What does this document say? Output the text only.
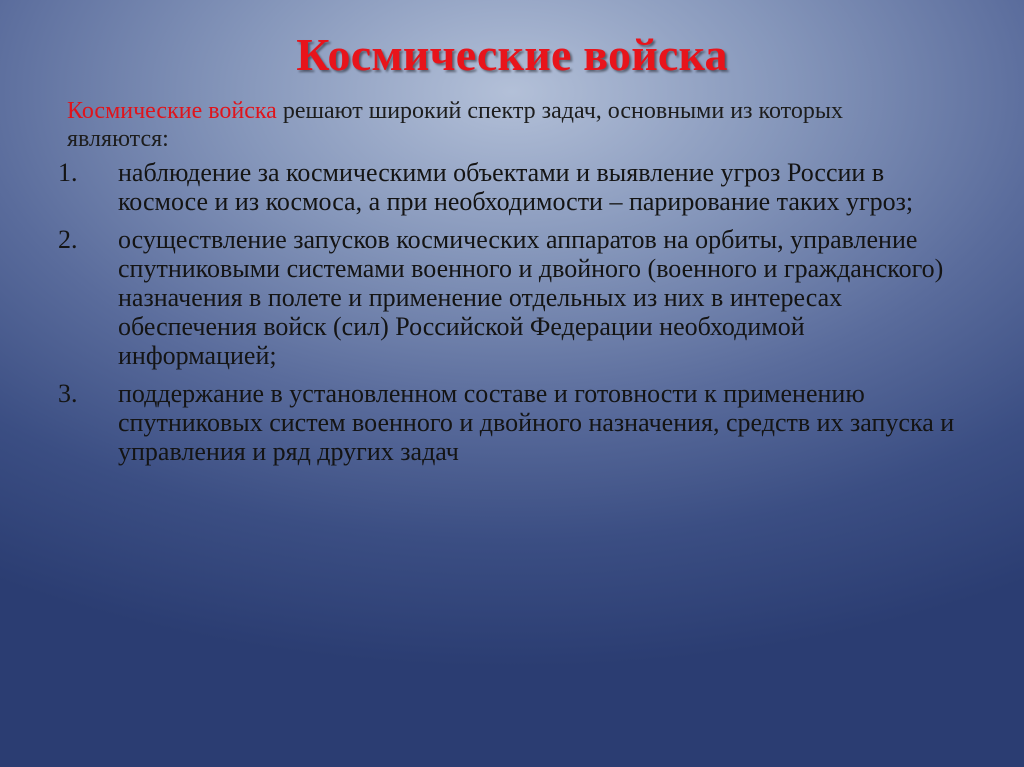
Космические войска
Космические войска решают широкий спектр задач, основными из которых являются:
1. наблюдение за космическими объектами и выявление угроз России в космосе и из космоса, а при необходимости – парирование таких угроз;
2. осуществление запусков космических аппаратов на орбиты, управление спутниковыми системами военного и двойного (военного и гражданского) назначения в полете и применение отдельных из них в интересах обеспечения войск (сил) Российской Федерации необходимой информацией;
3. поддержание в установленном составе и готовности к применению спутниковых систем военного и двойного назначения, средств их запуска и управления и ряд других задач
